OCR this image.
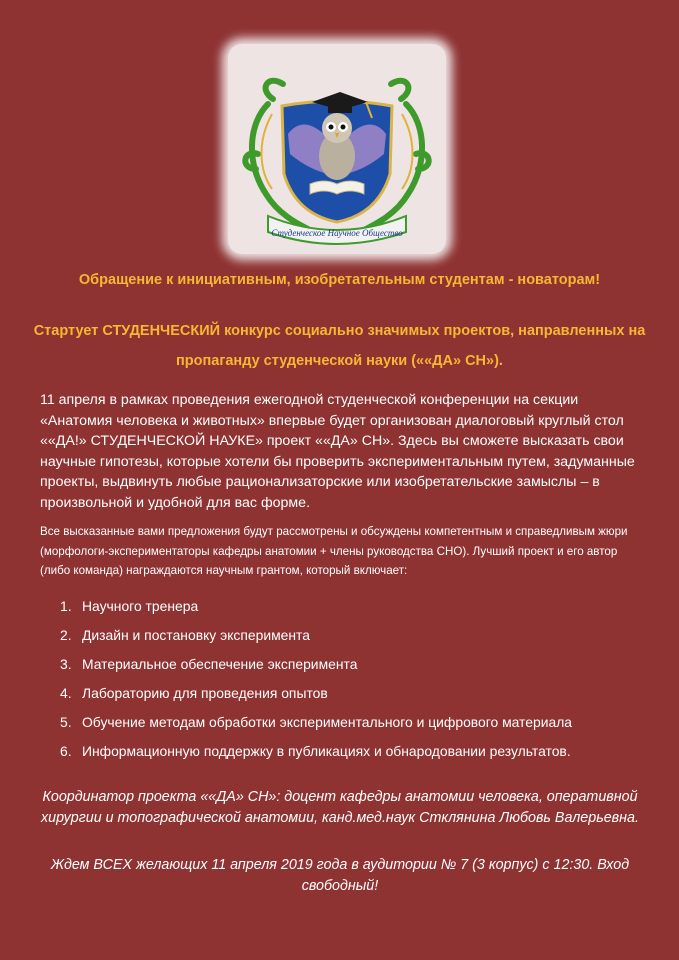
Студенческое Научное Общество
Обращение к инициативным, изобретательным студентам - новаторам!
Стартует СТУДЕНЧЕСКИЙ конкурс социально значимых проектов, направленных на
пропаганду студенческой науки (««ДА» СН»).

11 апреля в рамках проведения ежегодной студенческой конференции на секции «Анатомия человека и животных» впервые будет организован диалоговый круглый стол ««ДА!» СТУДЕНЧЕСКОЙ НАУКЕ» проект ««ДА» СН». Здесь вы сможете высказать свои научные гипотезы, которые хотели бы проверить экспериментальным путем, задуманные проекты, выдвинуть любые рационализаторские или изобретательские замыслы – в произвольной и удобной для вас форме.

Все высказанные вами предложения будут рассмотрены и обсуждены компетентным и справедливым жюри (морфологи-экспериментаторы кафедры анатомии + члены руководства СНО). Лучший проект и его автор (либо команда) награждаются научным грантом, который включает:

1. Научного тренера
2. Дизайн и постановку эксперимента
3. Материальное обеспечение эксперимента
4. Лабораторию для проведения опытов
5. Обучение методам обработки экспериментального и цифрового материала
6. Информационную поддержку в публикациях и обнародовании результатов.

Координатор проекта ««ДА» СН»: доцент кафедры анатомии человека, оперативной хирургии и топографической анатомии, канд.мед.наук Стклянина Любовь Валерьевна.

Ждем ВСЕХ желающих 11 апреля 2019 года в аудитории № 7 (3 корпус) с 12:30. Вход свободный!
